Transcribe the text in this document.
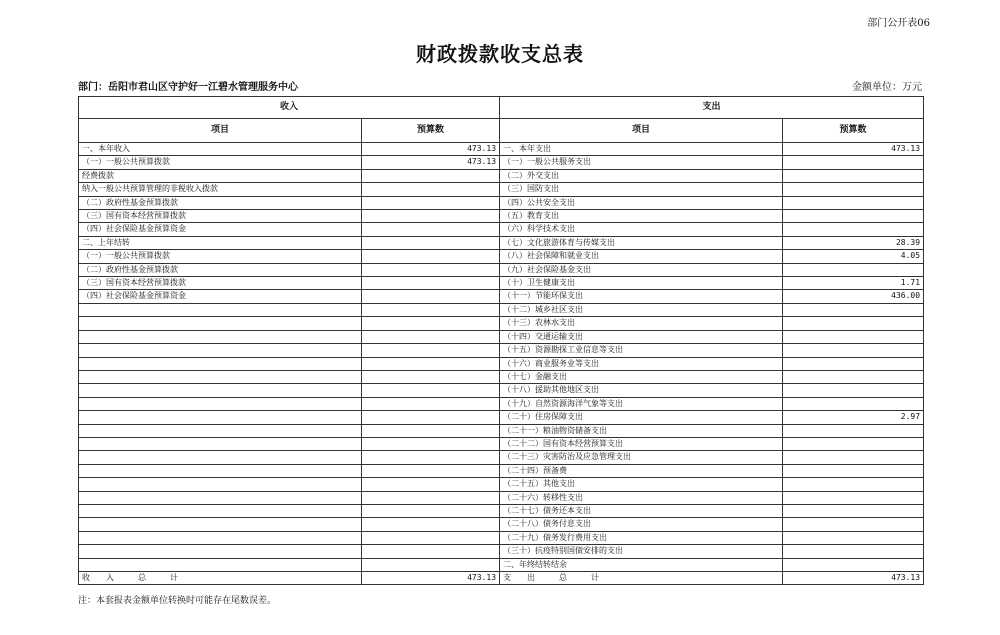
部门公开表06
财政拨款收支总表
部门：岳阳市君山区守护好一江碧水管理服务中心	金额单位：万元
收入		支出	
项目	预算数	项目	预算数
一、本年收入	473.13	一、本年支出	473.13
（一）一般公共预算拨款	473.13	（一）一般公共服务支出	
经费拨款		（二）外交支出	
纳入一般公共预算管理的非税收入拨款		（三）国防支出	
（二）政府性基金预算拨款		（四）公共安全支出	
（三）国有资本经营预算拨款		（五）教育支出	
（四）社会保险基金预算资金		（六）科学技术支出	
二、上年结转		（七）文化旅游体育与传媒支出	28.39
（一）一般公共预算拨款		（八）社会保障和就业支出	4.05
（二）政府性基金预算拨款		（九）社会保险基金支出	
（三）国有资本经营预算拨款		（十）卫生健康支出	1.71
（四）社会保险基金预算资金		（十一）节能环保支出	436.00
		（十二）城乡社区支出	
		（十三）农林水支出	
		（十四）交通运输支出	
		（十五）资源勘探工业信息等支出	
		（十六）商业服务业等支出	
		（十七）金融支出	
		（十八）援助其他地区支出	
		（十九）自然资源海洋气象等支出	
		（二十）住房保障支出	2.97
		（二十一）粮油物资储备支出	
		（二十二）国有资本经营预算支出	
		（二十三）灾害防治及应急管理支出	
		（二十四）预备费	
		（二十五）其他支出	
		（二十六）转移性支出	
		（二十七）债务还本支出	
		（二十八）债务付息支出	
		（二十九）债务发行费用支出	
		（三十）抗疫特别国债安排的支出	
		二、年终结转结余	
收　　入　　　总　　　计	473.13	支　　出　　　总　　　计	473.13
注：本套报表金额单位转换时可能存在尾数误差。
